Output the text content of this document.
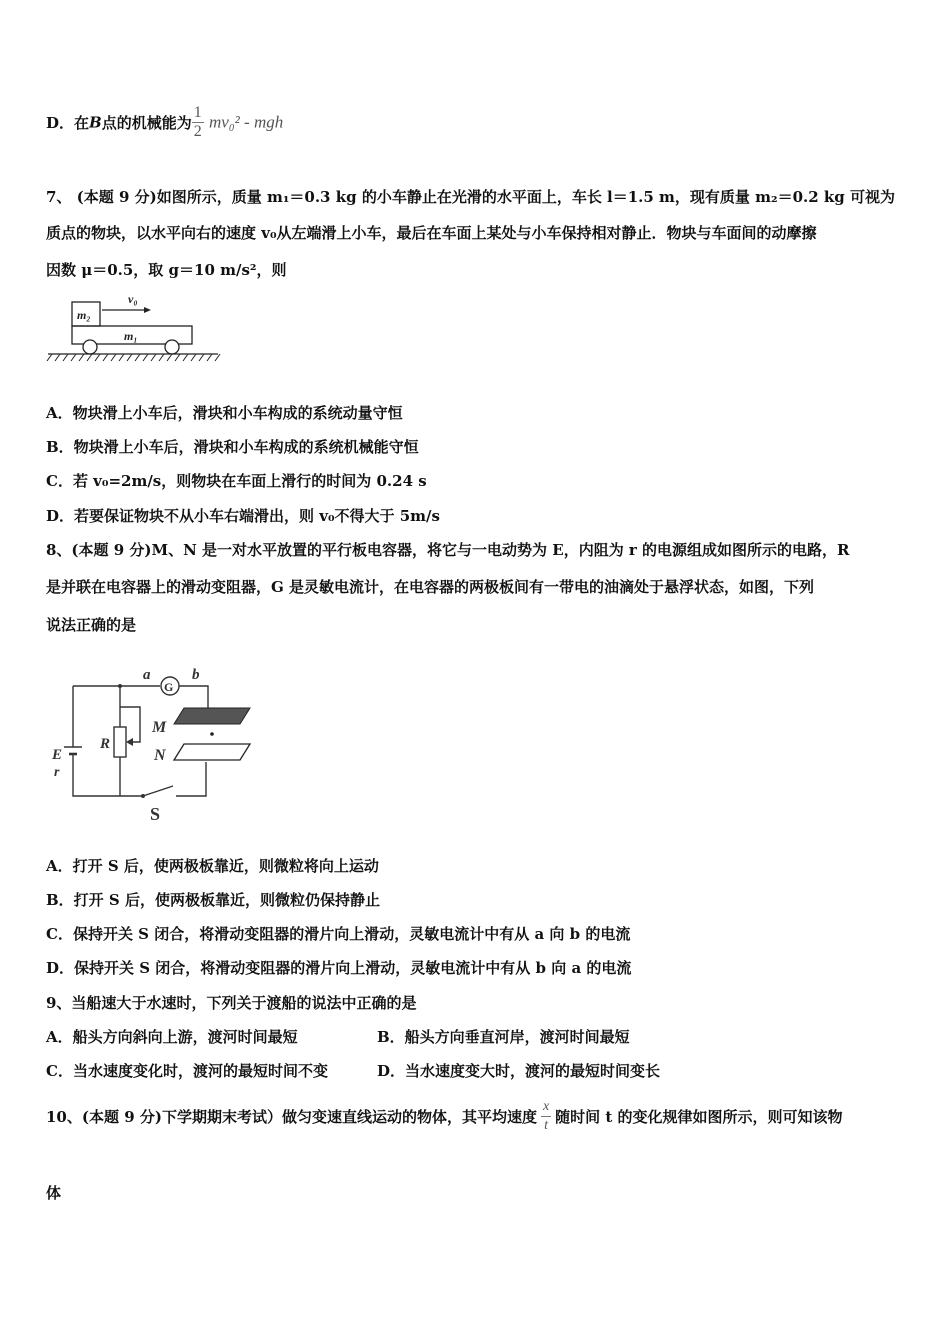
D．在B点的机械能为 $\frac{1}{2} mv_0^2$ - mgh
7、 (本题 9 分)如图所示，质量 m₁＝0.3 kg 的小车静止在光滑的水平面上，车长 l＝1.5 m，现有质量 m₂＝0.2 kg 可视为
质点的物块，以水平向右的速度 v₀从左端滑上小车，最后在车面上某处与小车保持相对静止．物块与车面间的动摩擦
因数 μ＝0.5，取 g＝10 m/s²，则
m₂
v₀
m₁
A．物块滑上小车后，滑块和小车构成的系统动量守恒
B．物块滑上小车后，滑块和小车构成的系统机械能守恒
C．若 v₀=2m/s，则物块在车面上滑行的时间为 0.24 s
D．若要保证物块不从小车右端滑出，则 v₀不得大于 5m/s
8、(本题 9 分)M、N 是一对水平放置的平行板电容器，将它与一电动势为 E，内阻为 r 的电源组成如图所示的电路，R
是并联在电容器上的滑动变阻器，G 是灵敏电流计，在电容器的两极板间有一带电的油滴处于悬浮状态，如图，下列
说法正确的是
a
G
b
R
M
N
E
r
S
A．打开 S 后，使两极板靠近，则微粒将向上运动
B．打开 S 后，使两极板靠近，则微粒仍保持静止
C．保持开关 S 闭合，将滑动变阻器的滑片向上滑动，灵敏电流计中有从 a 向 b 的电流
D．保持开关 S 闭合，将滑动变阻器的滑片向上滑动，灵敏电流计中有从 b 向 a 的电流
9、当船速大于水速时，下列关于渡船的说法中正确的是
A．船头方向斜向上游，渡河时间最短	B．船头方向垂直河岸，渡河时间最短
C．当水速度变化时，渡河的最短时间不变	D．当水速度变大时，渡河的最短时间变长
10、(本题 9 分)下学期期末考试）做匀变速直线运动的物体，其平均速度 $\frac{x}{t}$ 随时间 t 的变化规律如图所示，则可知该物
体
